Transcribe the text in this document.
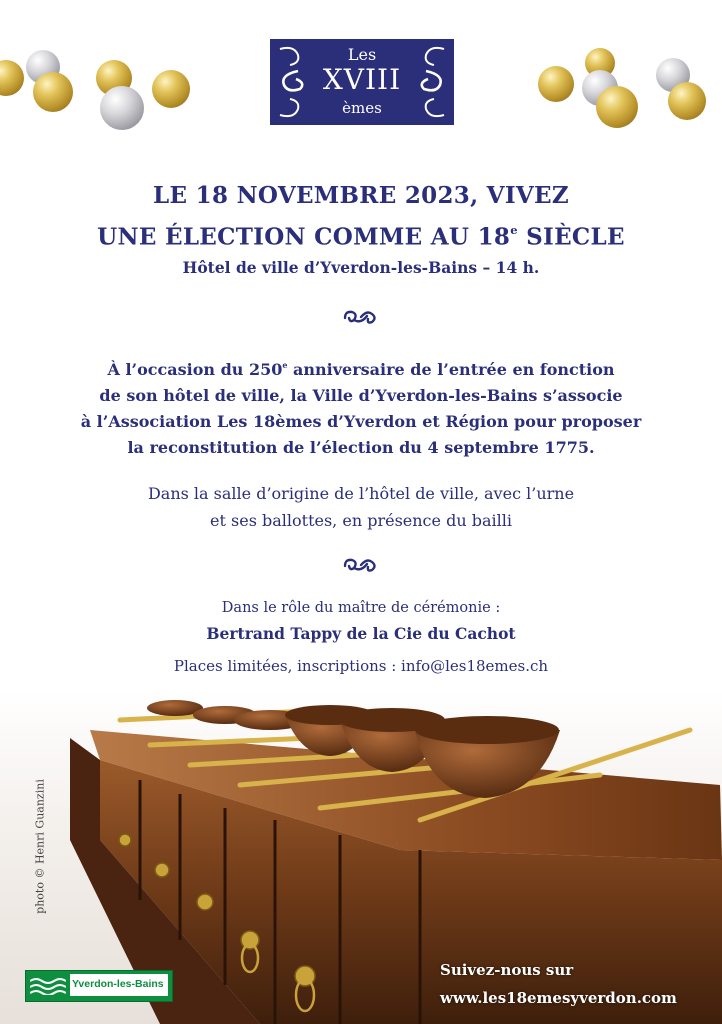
Les
XVIII
èmes
LE 18 NOVEMBRE 2023, VIVEZ
UNE ÉLECTION COMME AU 18e SIÈCLE
Hôtel de ville d’Yverdon-les-Bains – 14 h.
À l’occasion du 250e anniversaire de l’entrée en fonction
de son hôtel de ville, la Ville d’Yverdon-les-Bains s’associe
à l’Association Les 18èmes d’Yverdon et Région pour proposer
la reconstitution de l’élection du 4 septembre 1775.
Dans la salle d’origine de l’hôtel de ville, avec l’urne
et ses ballottes, en présence du bailli
Dans le rôle du maître de cérémonie :
Bertrand Tappy de la Cie du Cachot
Places limitées, inscriptions : info@les18emes.ch
photo © Henri Guanzini
Yverdon-les-Bains
Suivez-nous sur
www.les18emesyverdon.com
